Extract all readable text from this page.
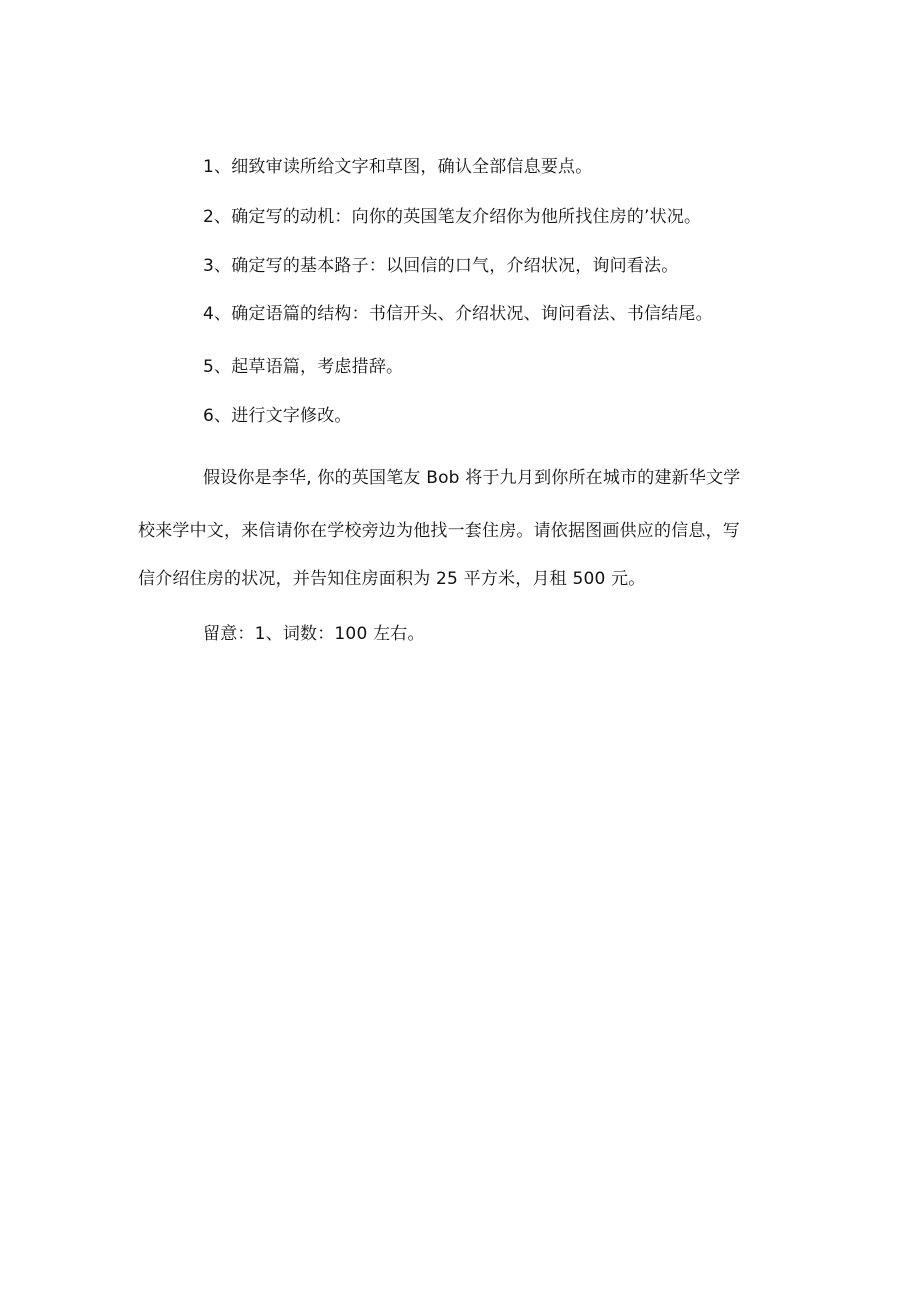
1、细致审读所给文字和草图，确认全部信息要点。
2、确定写的动机：向你的英国笔友介绍你为他所找住房的’状况。
3、确定写的基本路子：以回信的口气，介绍状况，询问看法。
4、确定语篇的结构：书信开头、介绍状况、询问看法、书信结尾。
5、起草语篇，考虑措辞。
6、进行文字修改。
假设你是李华, 你的英国笔友 Bob 将于九月到你所在城市的建新华文学
校来学中文，来信请你在学校旁边为他找一套住房。请依据图画供应的信息，写
信介绍住房的状况，并告知住房面积为 25 平方米，月租 500 元。
留意：1、词数：100 左右。
